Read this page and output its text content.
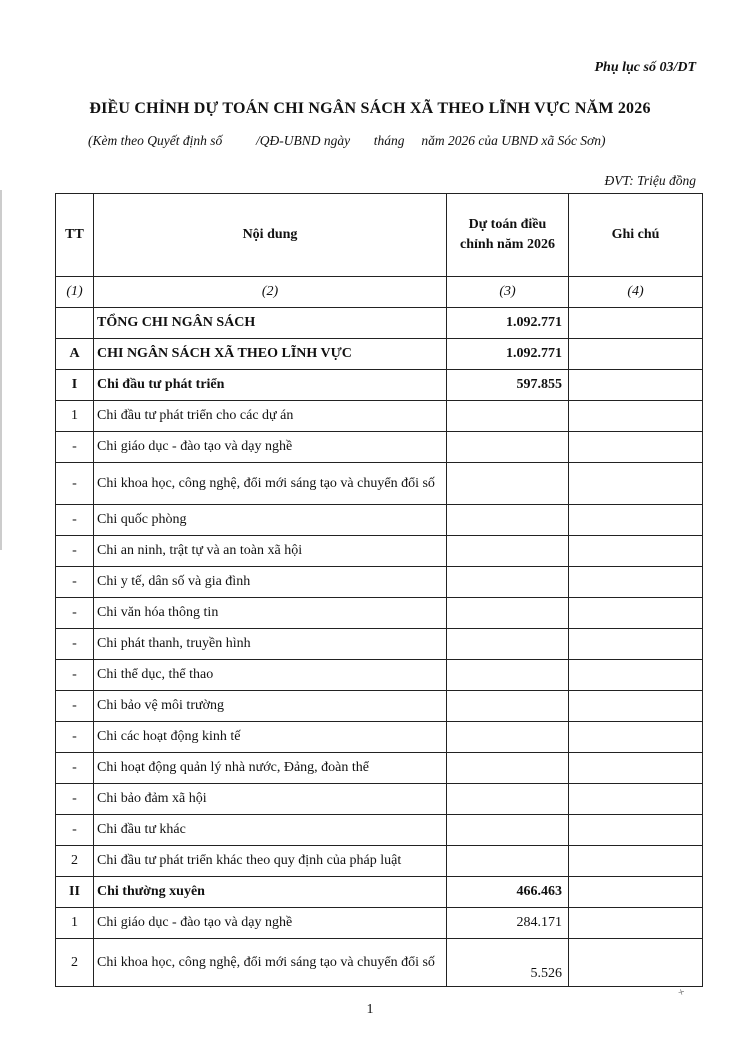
Phụ lục số 03/DT
ĐIỀU CHỈNH DỰ TOÁN CHI NGÂN SÁCH XÃ THEO LĨNH VỰC NĂM 2026
(Kèm theo Quyết định số          /QĐ-UBND ngày       tháng     năm 2026 của UBND xã Sóc Sơn)
ĐVT: Triệu đồng
TT	Nội dung	Dự toán điều chỉnh năm 2026	Ghi chú
(1)	(2)	(3)	(4)
	TỔNG CHI NGÂN SÁCH	1.092.771	
A	CHI NGÂN SÁCH XÃ THEO LĨNH VỰC	1.092.771	
I	Chi đầu tư phát triển	597.855	
1	Chi đầu tư phát triển cho các dự án		
-	Chi giáo dục - đào tạo và dạy nghề		
-	Chi khoa học, công nghệ, đổi mới sáng tạo và chuyển đổi số		
-	Chi quốc phòng		
-	Chi an ninh, trật tự và an toàn xã hội		
-	Chi y tế, dân số và gia đình		
-	Chi văn hóa thông tin		
-	Chi phát thanh, truyền hình		
-	Chi thể dục, thể thao		
-	Chi bảo vệ môi trường		
-	Chi các hoạt động kinh tế		
-	Chi hoạt động quản lý nhà nước, Đảng, đoàn thể		
-	Chi bảo đảm xã hội		
-	Chi đầu tư khác		
2	Chi đầu tư phát triển khác theo quy định của pháp luật		
II	Chi thường xuyên	466.463	
1	Chi giáo dục - đào tạo và dạy nghề	284.171	
2	Chi khoa học, công nghệ, đổi mới sáng tạo và chuyển đổi số	5.526	
1
+
